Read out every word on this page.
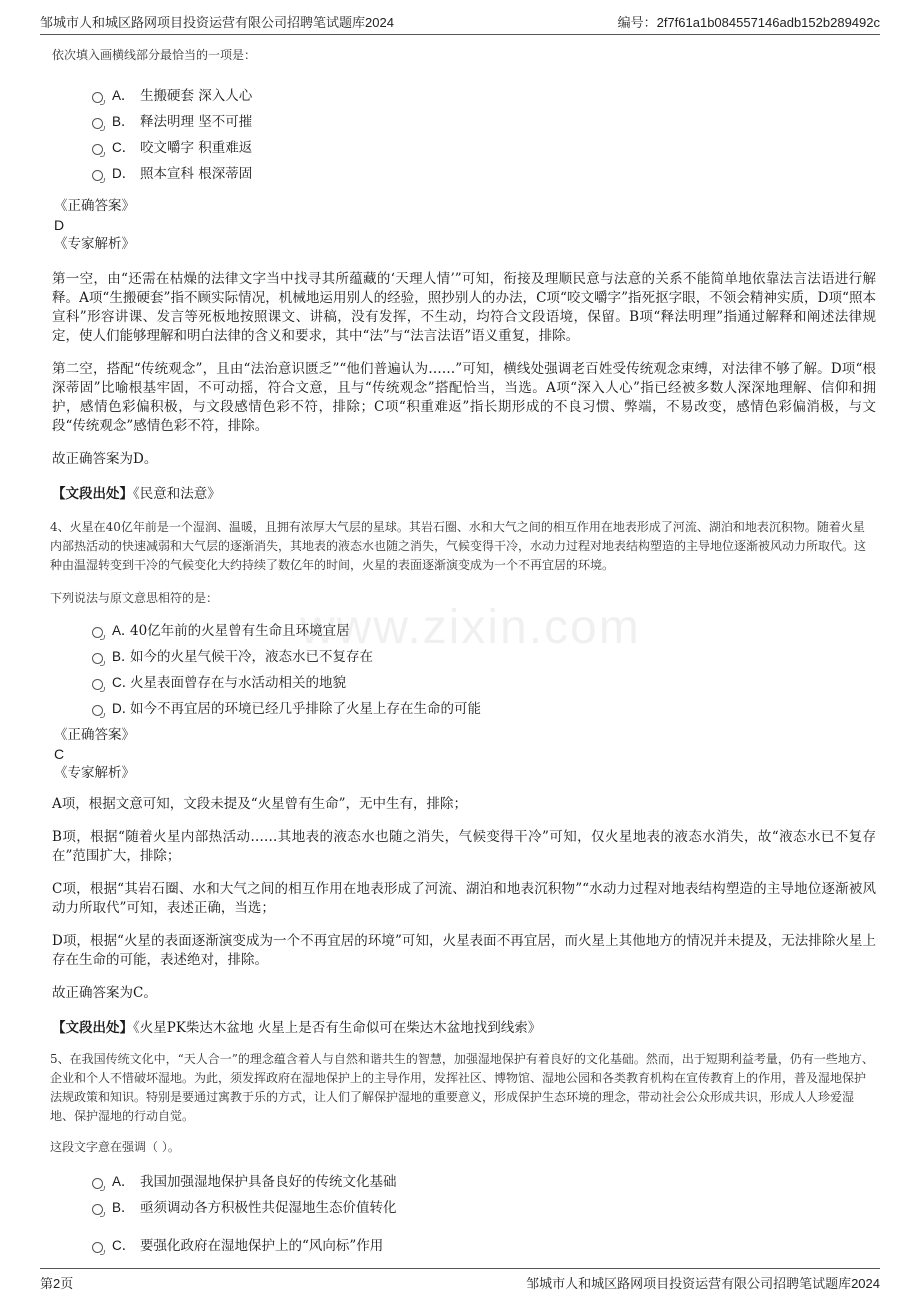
邹城市人和城区路网项目投资运营有限公司招聘笔试题库2024	编号：2f7f61a1b084557146adb152b289492c
www.zixin.com

依次填入画横线部分最恰当的一项是：

A． 生搬硬套 深入人心
B． 释法明理 坚不可摧
C． 咬文嚼字 积重难返
D． 照本宣科 根深蒂固

《正确答案》

D

《专家解析》

第一空，由“还需在枯燥的法律文字当中找寻其所蕴藏的‘天理人情’”可知，衔接及理顺民意与法意的关系不能简单地依靠法言法语进行解释。A项“生搬硬套”指不顾实际情况，机械地运用别人的经验，照抄别人的办法，C项“咬文嚼字”指死抠字眼，不领会精神实质，D项“照本宣科”形容讲课、发言等死板地按照课文、讲稿，没有发挥，不生动，均符合文段语境，保留。B项“释法明理”指通过解释和阐述法律规定，使人们能够理解和明白法律的含义和要求，其中“法”与“法言法语”语义重复，排除。

第二空，搭配“传统观念”，且由“法治意识匮乏”“他们普遍认为……”可知，横线处强调老百姓受传统观念束缚，对法律不够了解。D项“根深蒂固”比喻根基牢固，不可动摇，符合文意，且与“传统观念”搭配恰当，当选。A项“深入人心”指已经被多数人深深地理解、信仰和拥护，感情色彩偏积极，与文段感情色彩不符，排除；C项“积重难返”指长期形成的不良习惯、弊端，不易改变，感情色彩偏消极，与文段“传统观念”感情色彩不符，排除。

故正确答案为D。

【文段出处】《民意和法意》

4、火星在40亿年前是一个湿润、温暖，且拥有浓厚大气层的星球。其岩石圈、水和大气之间的相互作用在地表形成了河流、湖泊和地表沉积物。随着火星内部热活动的快速减弱和大气层的逐渐消失，其地表的液态水也随之消失，气候变得干冷，水动力过程对地表结构塑造的主导地位逐渐被风动力所取代。这种由温湿转变到干冷的气候变化大约持续了数亿年的时间，火星的表面逐渐演变成为一个不再宜居的环境。

下列说法与原文意思相符的是：

A．40亿年前的火星曾有生命且环境宜居
B．如今的火星气候干冷，液态水已不复存在
C．火星表面曾存在与水活动相关的地貌
D．如今不再宜居的环境已经几乎排除了火星上存在生命的可能

《正确答案》

C

《专家解析》

A项，根据文意可知，文段未提及“火星曾有生命”，无中生有，排除；

B项，根据“随着火星内部热活动……其地表的液态水也随之消失，气候变得干冷”可知，仅火星地表的液态水消失，故“液态水已不复存在”范围扩大，排除；

C项，根据“其岩石圈、水和大气之间的相互作用在地表形成了河流、湖泊和地表沉积物”“水动力过程对地表结构塑造的主导地位逐渐被风动力所取代”可知，表述正确，当选；

D项，根据“火星的表面逐渐演变成为一个不再宜居的环境”可知，火星表面不再宜居，而火星上其他地方的情况并未提及，无法排除火星上存在生命的可能，表述绝对，排除。

故正确答案为C。

【文段出处】《火星PK柴达木盆地 火星上是否有生命似可在柴达木盆地找到线索》

5、在我国传统文化中，“天人合一”的理念蕴含着人与自然和谐共生的智慧，加强湿地保护有着良好的文化基础。然而，出于短期利益考量，仍有一些地方、企业和个人不惜破坏湿地。为此，须发挥政府在湿地保护上的主导作用，发挥社区、博物馆、湿地公园和各类教育机构在宣传教育上的作用，普及湿地保护法规政策和知识。特别是要通过寓教于乐的方式，让人们了解保护湿地的重要意义，形成保护生态环境的理念，带动社会公众形成共识，形成人人珍爱湿地、保护湿地的行动自觉。

这段文字意在强调（ ）。

A． 我国加强湿地保护具备良好的传统文化基础
B． 亟须调动各方积极性共促湿地生态价值转化
C． 要强化政府在湿地保护上的“风向标”作用
第2页	邹城市人和城区路网项目投资运营有限公司招聘笔试题库2024
